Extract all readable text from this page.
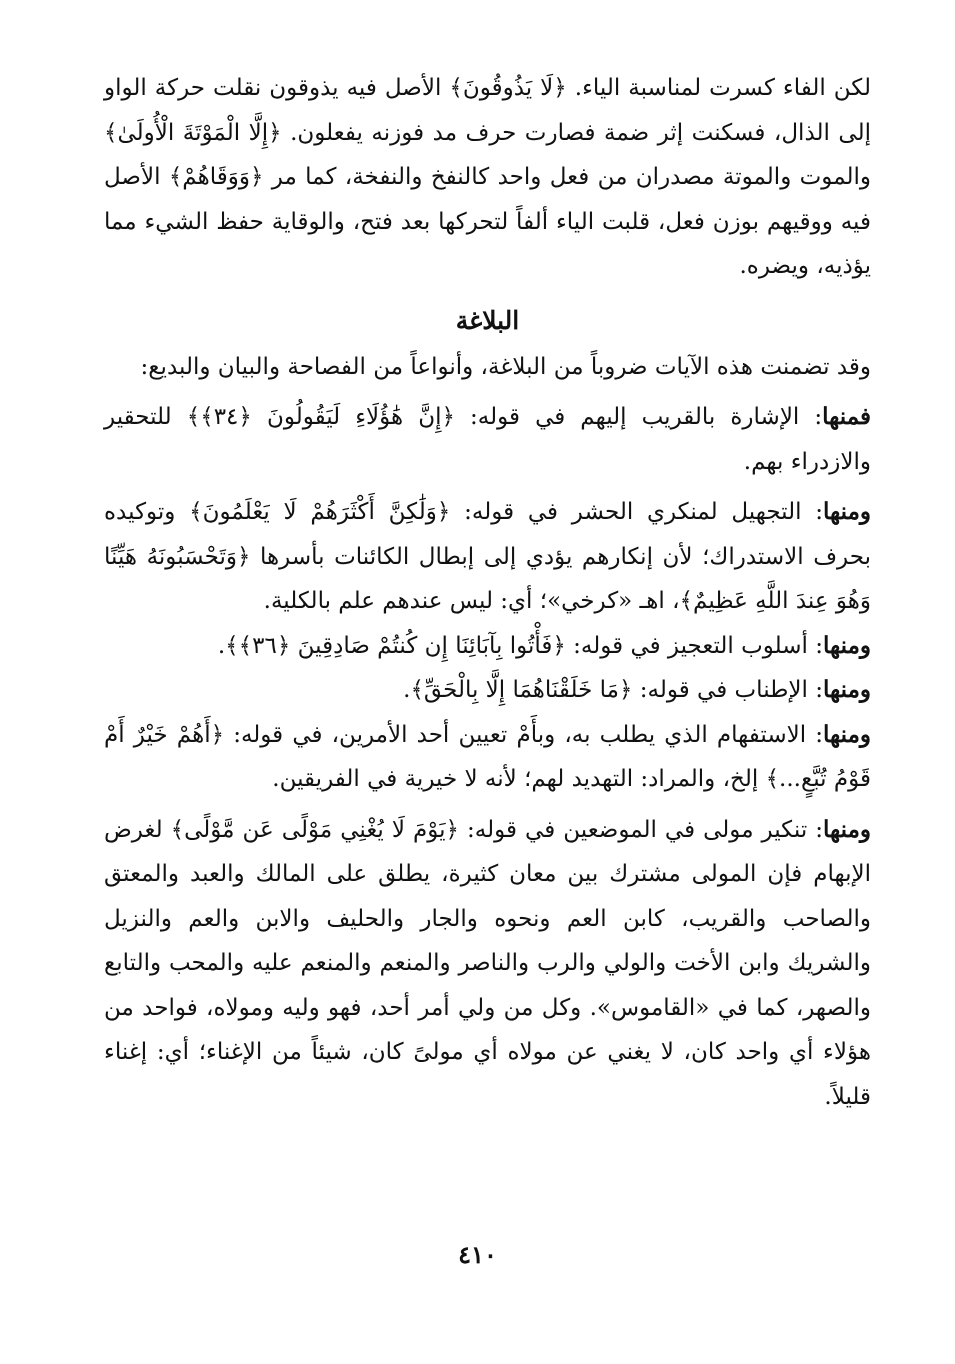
لكن الفاء كسرت لمناسبة الياء. ﴿لَا يَذُوقُونَ﴾ الأصل فيه يذوقون نقلت حركة الواو إلى الذال، فسكنت إثر ضمة فصارت حرف مد فوزنه يفعلون. ﴿إِلَّا الْمَوْتَةَ الْأُولَىٰ﴾ والموت والموتة مصدران من فعل واحد كالنفخ والنفخة، كما مر ﴿وَوَقَاهُمْ﴾ الأصل فيه ووقيهم بوزن فعل، قلبت الياء ألفاً لتحركها بعد فتح، والوقاية حفظ الشيء مما يؤذيه، ويضره.

البلاغة

وقد تضمنت هذه الآيات ضروباً من البلاغة، وأنواعاً من الفصاحة والبيان والبديع:

فمنها: الإشارة بالقريب إليهم في قوله: ﴿إِنَّ هَٰؤُلَاءِ لَيَقُولُونَ ﴿٣٤﴾﴾ للتحقير والازدراء بهم.

ومنها: التجهيل لمنكري الحشر في قوله: ﴿وَلَٰكِنَّ أَكْثَرَهُمْ لَا يَعْلَمُونَ﴾ وتوكيده بحرف الاستدراك؛ لأن إنكارهم يؤدي إلى إبطال الكائنات بأسرها ﴿وَتَحْسَبُونَهُ هَيِّنًا وَهُوَ عِندَ اللَّهِ عَظِيمٌ﴾، اهـ «كرخي»؛ أي: ليس عندهم علم بالكلية.

ومنها: أسلوب التعجيز في قوله: ﴿فَأْتُوا بِآبَائِنَا إِن كُنتُمْ صَادِقِينَ ﴿٣٦﴾﴾.

ومنها: الإطناب في قوله: ﴿مَا خَلَقْنَاهُمَا إِلَّا بِالْحَقِّ﴾.

ومنها: الاستفهام الذي يطلب به، وبأَمْ تعيين أحد الأمرين، في قوله: ﴿أَهُمْ خَيْرٌ أَمْ قَوْمُ تُبَّعٍ...﴾ إلخ، والمراد: التهديد لهم؛ لأنه لا خيرية في الفريقين.

ومنها: تنكير مولى في الموضعين في قوله: ﴿يَوْمَ لَا يُغْنِي مَوْلًى عَن مَّوْلًى﴾ لغرض الإبهام فإن المولى مشترك بين معان كثيرة، يطلق على المالك والعبد والمعتق والصاحب والقريب، كابن العم ونحوه والجار والحليف والابن والعم والنزيل والشريك وابن الأخت والولي والرب والناصر والمنعم والمنعم عليه والمحب والتابع والصهر، كما في «القاموس». وكل من ولي أمر أحد، فهو وليه ومولاه، فواحد من هؤلاء أي واحد كان، لا يغني عن مولاه أي مولىً كان، شيئاً من الإغناء؛ أي: إغناء قليلاً.

٤١٠
